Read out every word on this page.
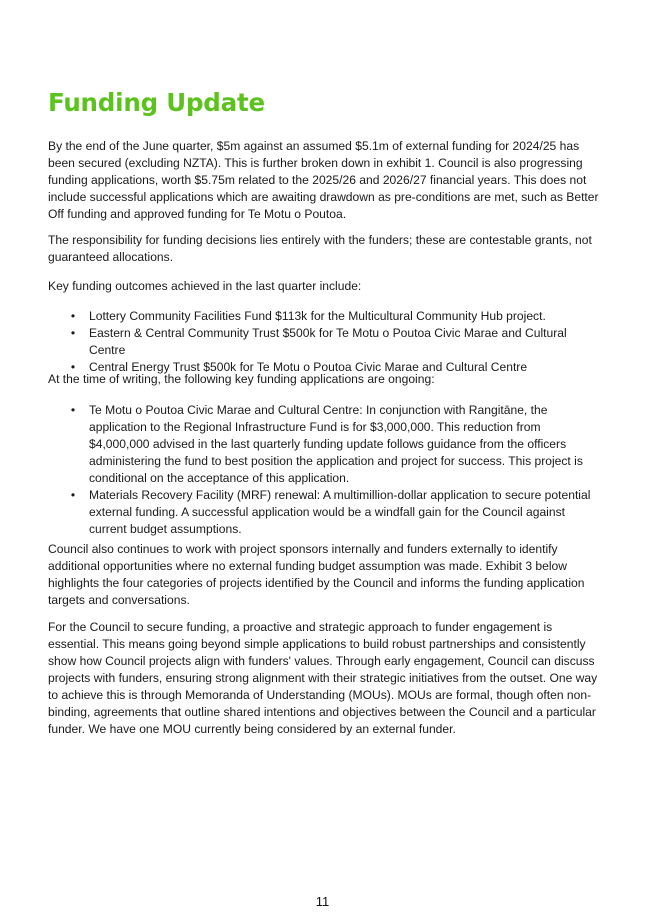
Funding Update

By the end of the June quarter, $5m against an assumed $5.1m of external funding for 2024/25 has been secured (excluding NZTA). This is further broken down in exhibit 1. Council is also progressing funding applications, worth $5.75m related to the 2025/26 and 2026/27 financial years. This does not include successful applications which are awaiting drawdown as pre-conditions are met, such as Better Off funding and approved funding for Te Motu o Poutoa.

The responsibility for funding decisions lies entirely with the funders; these are contestable grants, not guaranteed allocations.

Key funding outcomes achieved in the last quarter include:

• Lottery Community Facilities Fund $113k for the Multicultural Community Hub project.
• Eastern & Central Community Trust $500k for Te Motu o Poutoa Civic Marae and Cultural Centre
• Central Energy Trust $500k for Te Motu o Poutoa Civic Marae and Cultural Centre

At the time of writing, the following key funding applications are ongoing:

• Te Motu o Poutoa Civic Marae and Cultural Centre: In conjunction with Rangitāne, the application to the Regional Infrastructure Fund is for $3,000,000. This reduction from $4,000,000 advised in the last quarterly funding update follows guidance from the officers administering the fund to best position the application and project for success. This project is conditional on the acceptance of this application.
• Materials Recovery Facility (MRF) renewal: A multimillion-dollar application to secure potential external funding. A successful application would be a windfall gain for the Council against current budget assumptions.

Council also continues to work with project sponsors internally and funders externally to identify additional opportunities where no external funding budget assumption was made. Exhibit 3 below highlights the four categories of projects identified by the Council and informs the funding application targets and conversations.

For the Council to secure funding, a proactive and strategic approach to funder engagement is essential. This means going beyond simple applications to build robust partnerships and consistently show how Council projects align with funders' values. Through early engagement, Council can discuss projects with funders, ensuring strong alignment with their strategic initiatives from the outset. One way to achieve this is through Memoranda of Understanding (MOUs). MOUs are formal, though often non-binding, agreements that outline shared intentions and objectives between the Council and a particular funder. We have one MOU currently being considered by an external funder.

11
